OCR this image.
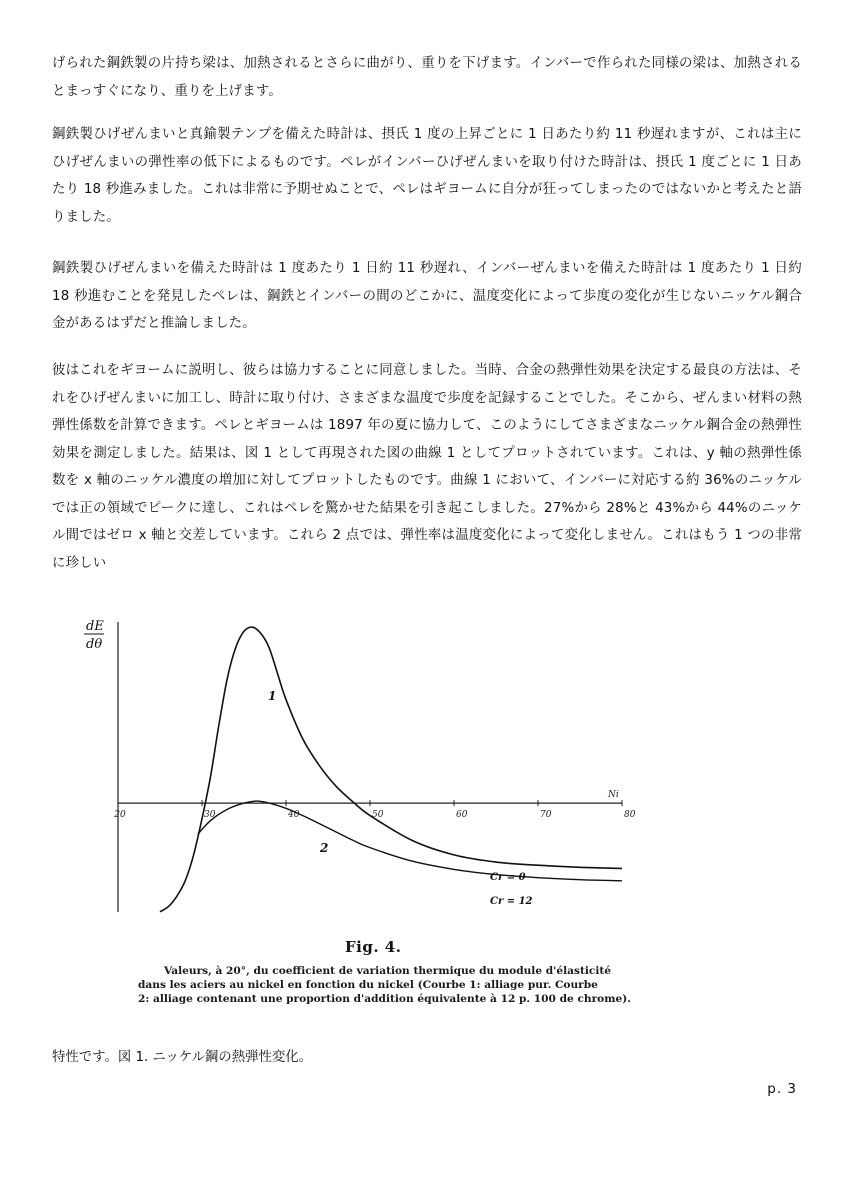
げられた鋼鉄製の片持ち梁は、加熱されるとさらに曲がり、重りを下げます。インバーで作られた同様の梁は、加熱されるとまっすぐになり、重りを上げます。

鋼鉄製ひげぜんまいと真鍮製テンプを備えた時計は、摂氏 1 度の上昇ごとに 1 日あたり約 11 秒遅れますが、これは主にひげぜんまいの弾性率の低下によるものです。ペレがインバーひげぜんまいを取り付けた時計は、摂氏 1 度ごとに 1 日あたり 18 秒進みました。これは非常に予期せぬことで、ペレはギヨームに自分が狂ってしまったのではないかと考えたと語りました。

鋼鉄製ひげぜんまいを備えた時計は 1 度あたり 1 日約 11 秒遅れ、インバーぜんまいを備えた時計は 1 度あたり 1 日約 18 秒進むことを発見したペレは、鋼鉄とインバーの間のどこかに、温度変化によって歩度の変化が生じないニッケル鋼合金があるはずだと推論しました。

彼はこれをギヨームに説明し、彼らは協力することに同意しました。当時、合金の熱弾性効果を決定する最良の方法は、それをひげぜんまいに加工し、時計に取り付け、さまざまな温度で歩度を記録することでした。そこから、ぜんまい材料の熱弾性係数を計算できます。ペレとギヨームは 1897 年の夏に協力して、このようにしてさまざまなニッケル鋼合金の熱弾性効果を測定しました。結果は、図 1 として再現された図の曲線 1 としてプロットされています。これは、y 軸の熱弾性係数を x 軸のニッケル濃度の増加に対してプロットしたものです。曲線 1 において、インバーに対応する約 36%のニッケルでは正の領域でピークに達し、これはペレを驚かせた結果を引き起こしました。27%から 28%と 43%から 44%のニッケル間ではゼロ x 軸と交差しています。これら 2 点では、弾性率は温度変化によって変化しません。これはもう 1 つの非常に珍しい

dE
dθ
Ni
20	30	40	50	60	70	80
1
2
Cr = 0
Cr = 12
Fig. 4.
Valeurs, à 20°, du coefficient de variation thermique du module d'élasticité
dans les aciers au nickel en fonction du nickel (Courbe 1: alliage pur. Courbe
2: alliage contenant une proportion d'addition équivalente à 12 p. 100 de chrome).

特性です。図 1. ニッケル鋼の熱弾性変化。

p. 3
